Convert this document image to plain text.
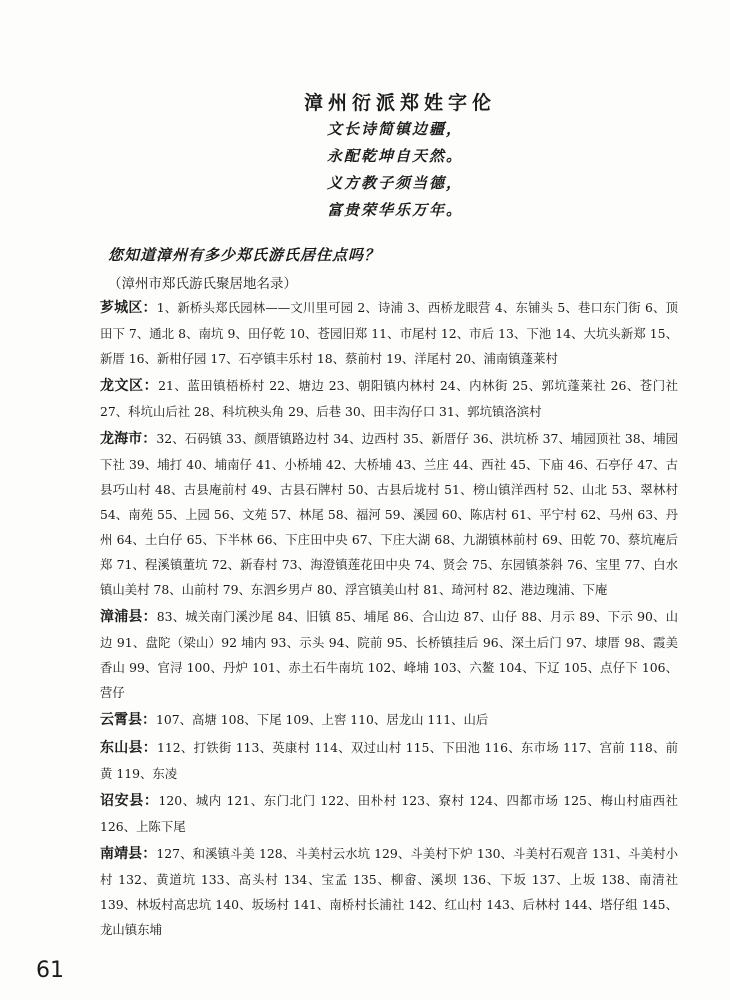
漳州衍派郑姓字伦
文长诗简镇边疆，
永配乾坤自天然。
义方教子须当德，
富贵荣华乐万年。
您知道漳州有多少郑氏游氏居住点吗？
（漳州市郑氏游氏聚居地名录）
芗城区：1、新桥头郑氏园林——文川里可园 2、诗浦 3、西桥龙眼营 4、东铺头 5、巷口东门街 6、顶田下 7、通北 8、南坑 9、田仔乾 10、苍园旧郑 11、市尾村 12、市后 13、下池 14、大坑头新郑 15、新厝 16、新柑仔园 17、石亭镇丰乐村 18、蔡前村 19、洋尾村 20、浦南镇蓬莱村
龙文区：21、蓝田镇梧桥村 22、塘边 23、朝阳镇内林村 24、内林街 25、郭坑蓬莱社 26、苍门社 27、科坑山后社 28、科坑秧头角 29、后巷 30、田丰沟仔口 31、郭坑镇洛滨村
龙海市：32、石码镇 33、颜厝镇路边村 34、边西村 35、新厝仔 36、洪坑桥 37、埔园顶社 38、埔园下社 39、埔打 40、埔南仔 41、小桥埔 42、大桥埔 43、兰庄 44、西社 45、下庙 46、石亭仔 47、古县巧山村 48、古县庵前村 49、古县石牌村 50、古县后垅村 51、榜山镇洋西村 52、山北 53、翠林村 54、南苑 55、上园 56、文苑 57、林尾 58、福河 59、溪园 60、陈店村 61、平宁村 62、马州 63、丹州 64、土白仔 65、下半林 66、下庄田中央 67、下庄大湖 68、九湖镇林前村 69、田乾 70、蔡坑庵后郑 71、程溪镇董坑 72、新春村 73、海澄镇莲花田中央 74、贤会 75、东园镇茶斜 76、宝里 77、白水镇山美村 78、山前村 79、东泗乡男卢 80、浮宫镇美山村 81、琦河村 82、港边瑰浦、下庵
漳浦县：83、城关南门溪沙尾 84、旧镇 85、埔尾 86、合山边 87、山仔 88、月示 89、下示 90、山边 91、盘陀（梁山）92 埔内 93、示头 94、院前 95、长桥镇挂后 96、深土后门 97、埭厝 98、霞美香山 99、官浔 100、丹炉 101、赤土石牛南坑 102、峰埔 103、六鳌 104、下辽 105、点仔下 106、营仔
云霄县：107、高塘 108、下尾 109、上窖 110、居龙山 111、山后
东山县：112、打铁街 113、英康村 114、双过山村 115、下田池 116、东市场 117、宫前 118、前黄 119、东凌
诏安县：120、城内 121、东门北门 122、田朴村 123、寮村 124、四都市场 125、梅山村庙西社 126、上陈下尾
南靖县：127、和溪镇斗美 128、斗美村云水坑 129、斗美村下炉 130、斗美村石观音 131、斗美村小村 132、黄道坑 133、高头村 134、宝孟 135、柳畲、溪坝 136、下坂 137、上坂 138、南清社 139、林坂村高忠坑 140、坂场村 141、南桥村长浦社 142、红山村 143、后林村 144、塔仔组 145、龙山镇东埔
61
